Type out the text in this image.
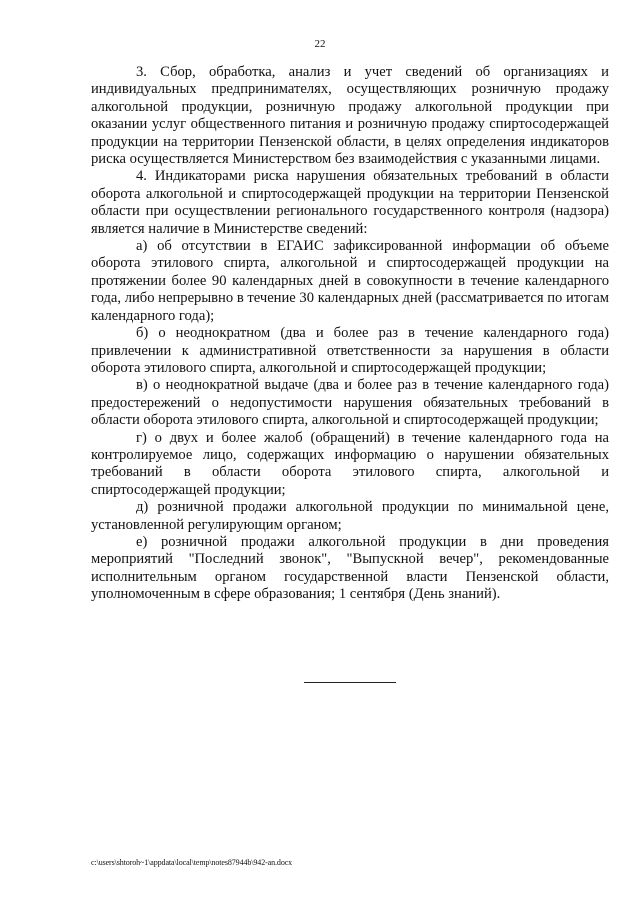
22

3. Сбор, обработка, анализ и учет сведений об организациях и индивидуальных предпринимателях, осуществляющих розничную продажу алкогольной продукции, розничную продажу алкогольной продукции при оказании услуг общественного питания и розничную продажу спиртосодержащей продукции на территории Пензенской области, в целях определения индикаторов риска осуществляется Министерством без взаимодействия с указанными лицами.

4. Индикаторами риска нарушения обязательных требований в области оборота алкогольной и спиртосодержащей продукции на территории Пензенской области при осуществлении регионального государственного контроля (надзора) является наличие в Министерстве сведений:

а) об отсутствии в ЕГАИС зафиксированной информации об объеме оборота этилового спирта, алкогольной и спиртосодержащей продукции на протяжении более 90 календарных дней в совокупности в течение календарного года, либо непрерывно в течение 30 календарных дней (рассматривается по итогам календарного года);

б) о неоднократном (два и более раз в течение календарного года) привлечении к административной ответственности за нарушения в области оборота этилового спирта, алкогольной и спиртосодержащей продукции;

в) о неоднократной выдаче (два и более раз в течение календарного года) предостережений о недопустимости нарушения обязательных требований в области оборота этилового спирта, алкогольной и спиртосодержащей продукции;

г) о двух и более жалоб (обращений) в течение календарного года на контролируемое лицо, содержащих информацию о нарушении обязательных требований в области оборота этилового спирта, алкогольной и спиртосодержащей продукции;

д) розничной продажи алкогольной продукции по минимальной цене, установленной регулирующим органом;

е) розничной продажи алкогольной продукции в дни проведения мероприятий "Последний звонок", "Выпускной вечер", рекомендованные исполнительным органом государственной власти Пензенской области, уполномоченным в сфере образования; 1 сентября (День знаний).

c:\users\shtoroh~1\appdata\local\temp\notes87944b\942-an.docx
